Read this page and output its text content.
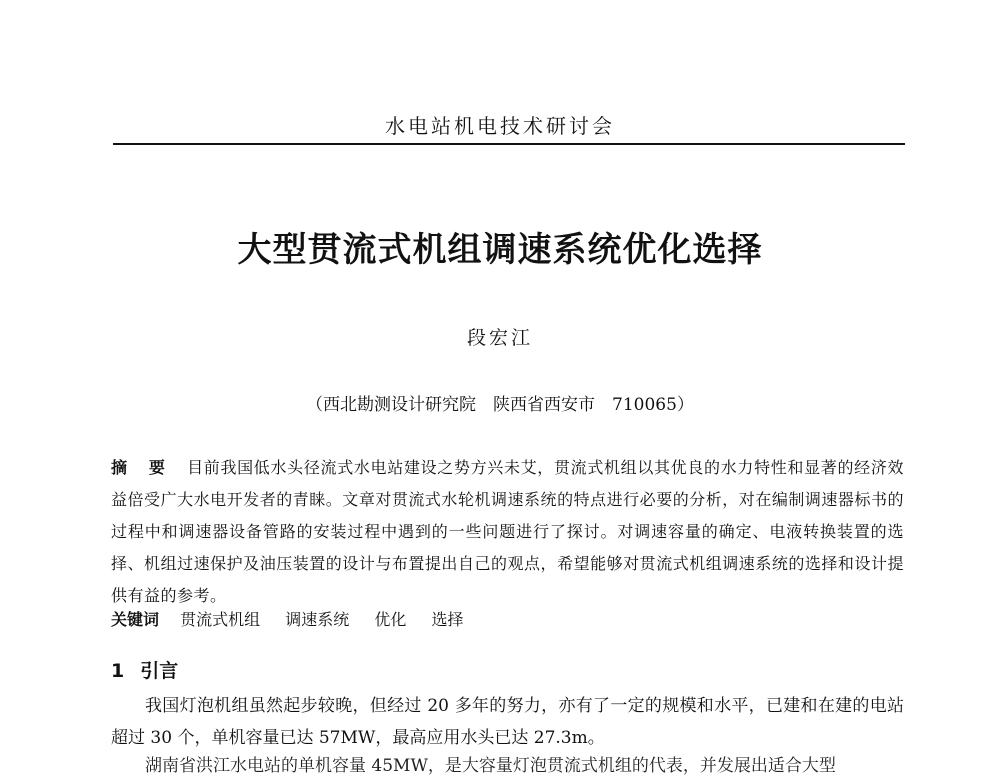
水电站机电技术研讨会
大型贯流式机组调速系统优化选择
段宏江
（西北勘测设计研究院　陕西省西安市　710065）

摘 要 目前我国低水头径流式水电站建设之势方兴未艾，贯流式机组以其优良的水力特性和显著的经济效益倍受广大水电开发者的青睐。文章对贯流式水轮机调速系统的特点进行必要的分析，对在编制调速器标书的过程中和调速器设备管路的安装过程中遇到的一些问题进行了探讨。对调速容量的确定、电液转换装置的选择、机组过速保护及油压装置的设计与布置提出自己的观点，希望能够对贯流式机组调速系统的选择和设计提供有益的参考。

关键词 贯流式机组 调速系统 优化 选择
1 引言

我国灯泡机组虽然起步较晚，但经过 20 多年的努力，亦有了一定的规模和水平，已建和在建的电站超过 30 个，单机容量已达 57MW，最高应用水头已达 27.3m。

湖南省洪江水电站的单机容量 45MW，是大容量灯泡贯流式机组的代表，并发展出适合大型
